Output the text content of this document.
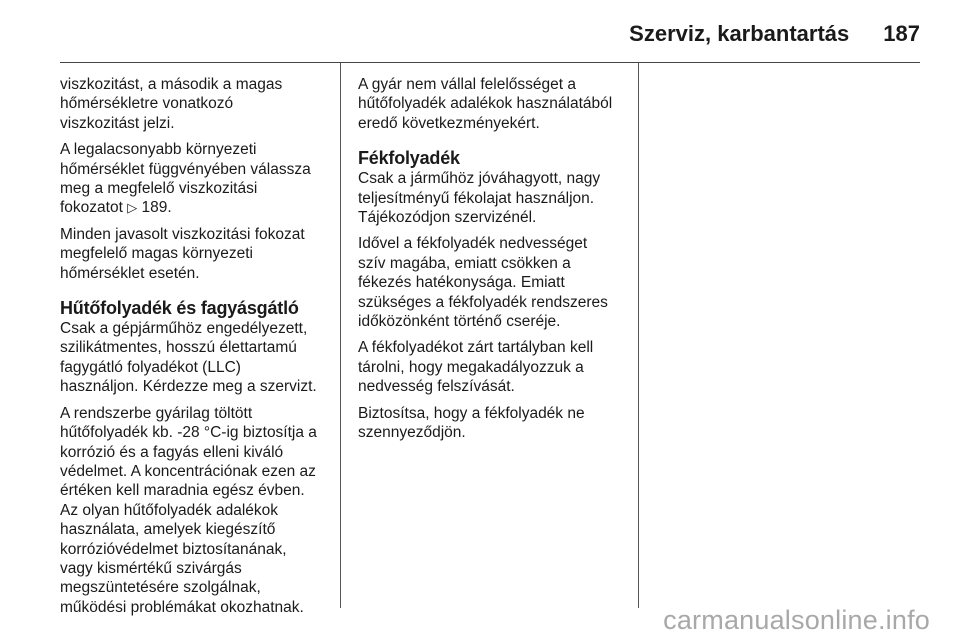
Szerviz, karbantartás 187

viszkozitást, a második a magas
hőmérsékletre vonatkozó
viszkozitást jelzi.

A legalacsonyabb környezeti
hőmérséklet függvényében válassza
meg a megfelelő viszkozitási
fokozatot ▷ 189.

Minden javasolt viszkozitási fokozat
megfelelő magas környezeti
hőmérséklet esetén.

Hűtőfolyadék és fagyásgátló

Csak a gépjárműhöz engedélyezett,
szilikátmentes, hosszú élettartamú
fagygátló folyadékot (LLC)
használjon. Kérdezze meg a szervizt.

A rendszerbe gyárilag töltött
hűtőfolyadék kb. -28 °C-ig biztosítja a
korrózió és a fagyás elleni kiváló
védelmet. A koncentrációnak ezen az
értéken kell maradnia egész évben.
Az olyan hűtőfolyadék adalékok
használata, amelyek kiegészítő
korrózióvédelmet biztosítanának,
vagy kismértékű szivárgás
megszüntetésére szolgálnak,
működési problémákat okozhatnak.

A gyár nem vállal felelősséget a
hűtőfolyadék adalékok használatából
eredő következményekért.

Fékfolyadék

Csak a járműhöz jóváhagyott, nagy
teljesítményű fékolajat használjon.
Tájékozódjon szervizénél.

Idővel a fékfolyadék nedvességet
szív magába, emiatt csökken a
fékezés hatékonysága. Emiatt
szükséges a fékfolyadék rendszeres
időközönként történő cseréje.

A fékfolyadékot zárt tartályban kell
tárolni, hogy megakadályozzuk a
nedvesség felszívását.

Biztosítsa, hogy a fékfolyadék ne
szennyeződjön.

carmanualsonline.info
